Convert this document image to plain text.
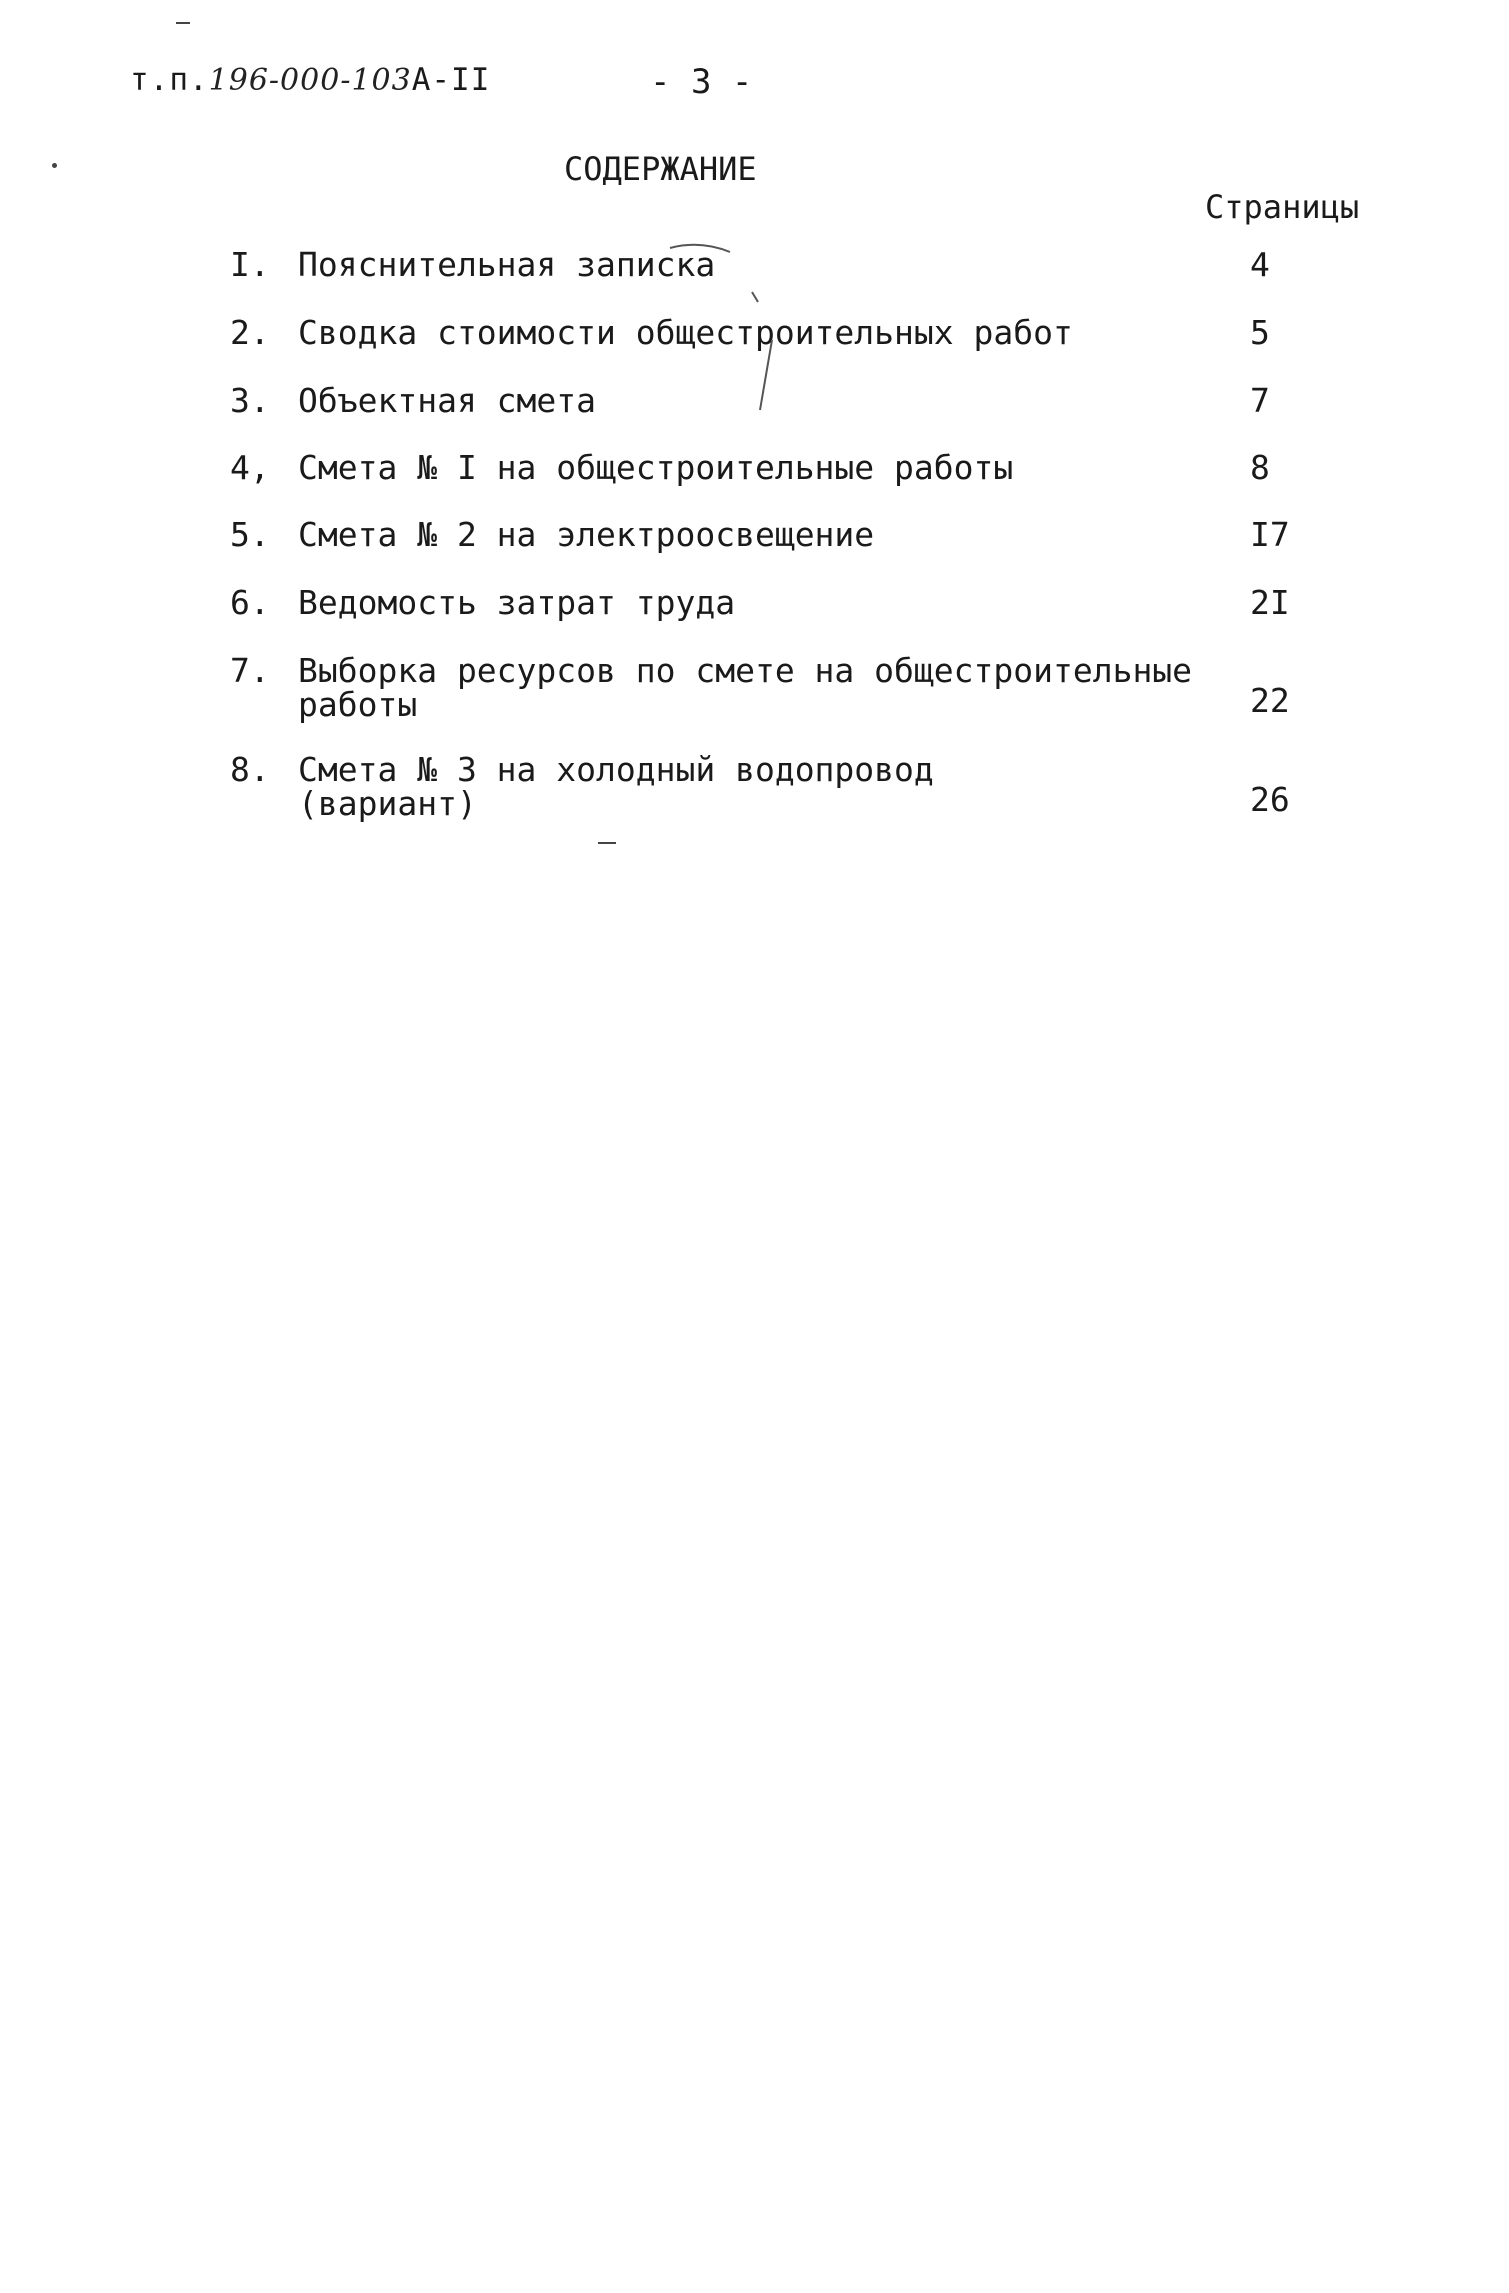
т.п.196-000-103А-II	- 3 -
СОДЕРЖАНИЕ
Страницы
I. Пояснительная записка	4
2. Сводка стоимости общестроительных работ	5
3. Объектная смета	7
4, Смета № I на общестроительные работы	8
5. Смета № 2 на электроосвещение	I7
6. Ведомость затрат труда	2I
7. Выборка ресурсов по смете на общестроительные
работы	22
8. Смета № 3 на холодный водопровод
(вариант)	26
